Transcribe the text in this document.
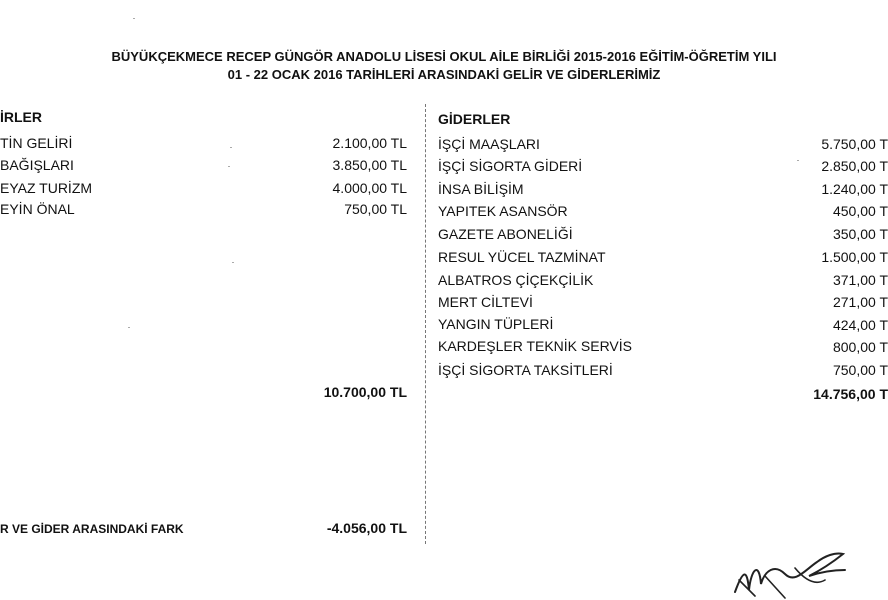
BÜYÜKÇEKMECE RECEP GÜNGÖR ANADOLU LİSESİ OKUL AİLE BİRLİĞİ 2015-2016 EĞİTİM-ÖĞRETİM YILI
01 - 22 OCAK 2016 TARİHLERİ ARASINDAKİ GELİR VE GİDERLERİMİZ
İRLER
TİN GELİRİ	2.100,00 TL
BAĞIŞLARI	3.850,00 TL
EYAZ TURİZM	4.000,00 TL
EYİN ÖNAL	750,00 TL
10.700,00 TL
GİDERLER
İŞÇİ MAAŞLARI	5.750,00 T
İŞÇİ SİGORTA GİDERİ	2.850,00 T
İNSA BİLİŞİM	1.240,00 T
YAPITEK ASANSÖR	450,00 T
GAZETE ABONELİĞİ	350,00 T
RESUL YÜCEL TAZMİNAT	1.500,00 T
ALBATROS ÇİÇEKÇİLİK	371,00 T
MERT CİLTEVİ	271,00 T
YANGIN TÜPLERİ	424,00 T
KARDEŞLER TEKNİK SERVİS	800,00 T
İŞÇİ SİGORTA TAKSİTLERİ	750,00 T
14.756,00 T
R VE GİDER ARASINDAKİ FARK	-4.056,00 TL
